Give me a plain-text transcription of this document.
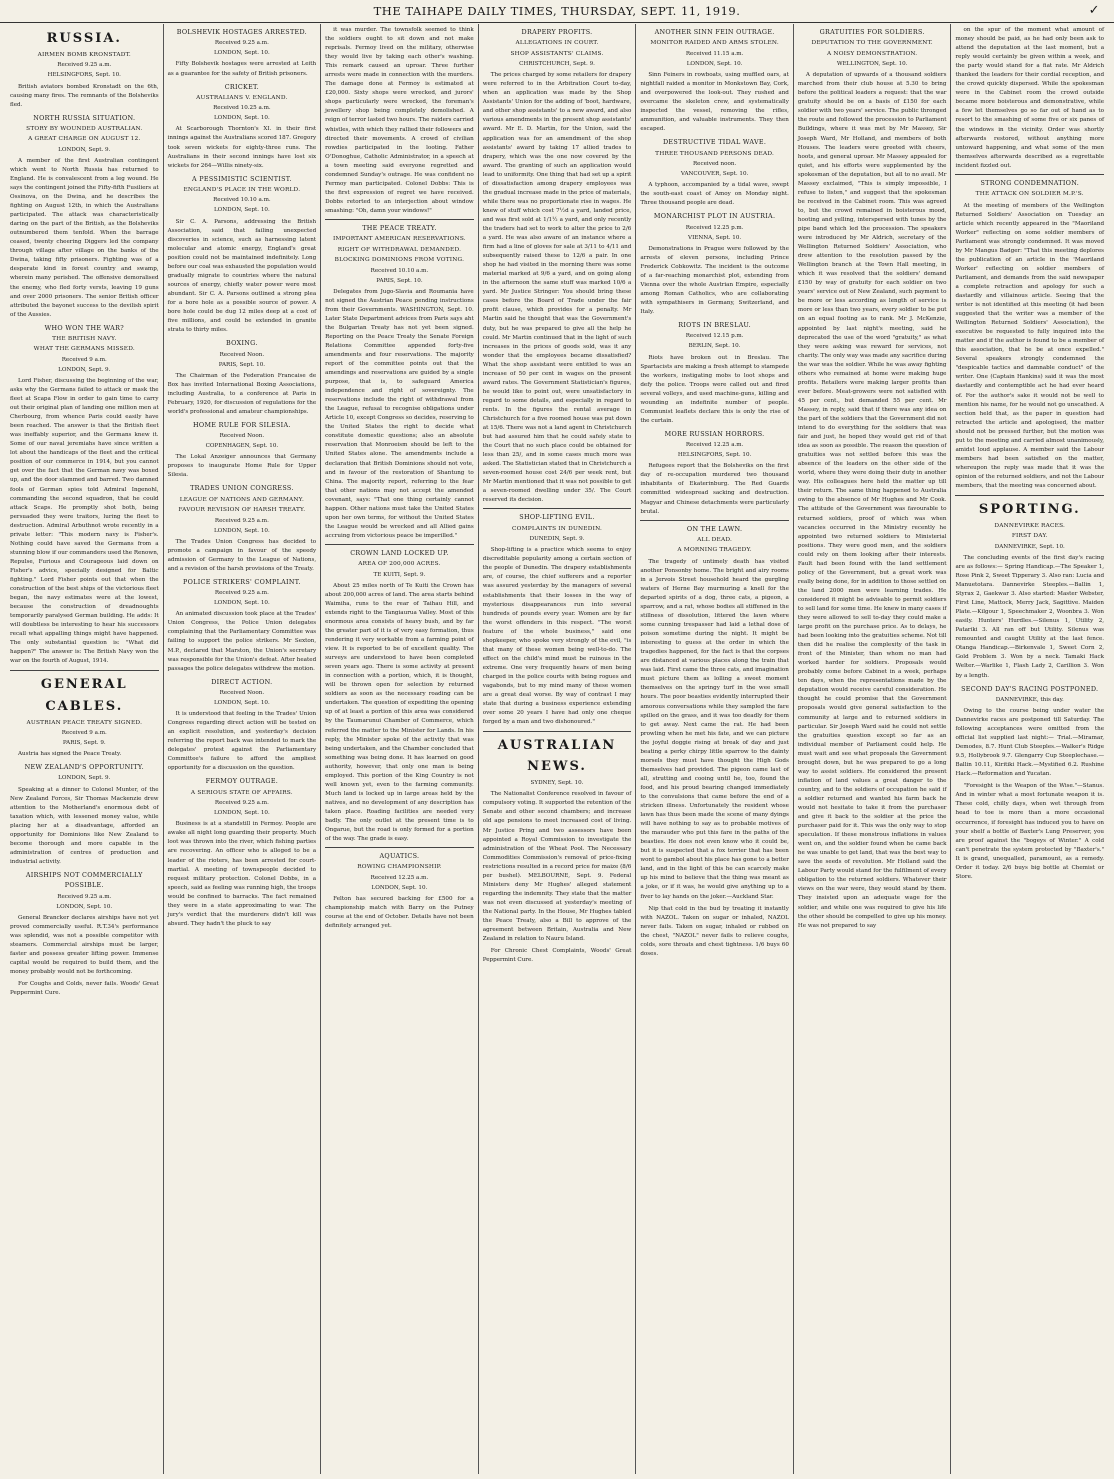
THE TAIHAPE DAILY TIMES, THURSDAY, SEPT. 11, 1919.	✓
RUSSIA.
AIRMEN BOMB KRONSTADT.
Received 9.25 a.m.
HELSINGFORS, Sept. 10.

British aviators bombed Kronstadt on the 6th, causing many fires. The remnants of the Bolsheviks fled.

NORTH RUSSIA SITUATION.
STORY BY WOUNDED AUSTRALIAN.
A GREAT CHARGE ON AUGUST 12.
LONDON, Sept. 9.

A member of the first Australian contingent which went to North Russia has returned to England. He is convalescent from a leg wound. He says the contingent joined the Fifty-fifth Fusiliers at Ossinova, on the Dwina, and he describes the fighting on August 12th, in which the Australians participated. The attack was characteristically daring on the part of the British, as the Bolsheviks outnumbered them tenfold. When the barrage ceased, twenty cheering Diggers led the company through village after village on the banks of the Dwina, taking fifty prisoners. Fighting was of a desperate kind in forest country and swamp, wherein many perished. The offensive demoralised the enemy, who fled forty versts, leaving 19 guns and over 2000 prisoners. The senior British officer attributed the bayonet success to the devilish spirit of the Aussies.

WHO WON THE WAR?
THE BRITISH NAVY.
WHAT THE GERMANS MISSED.
Received 9 a.m.
LONDON, Sept. 9.

Lord Fisher, discussing the beginning of the war, asks why the Germans failed to attack or mask the fleet at Scapa Flow in order to gain time to carry out their original plan of landing one million men at Cherbourg, from whence Paris could easily have been reached. The answer is that the British fleet was ineffably superior, and the Germans knew it. Some of our naval jeremiahs have since written a lot about the handicaps of the fleet and the critical position of our commerce in 1914, but you cannot get over the fact that the German navy was boxed up, and the door slammed and barred. Two damned fools of German spies told Admiral Ingenohl, commanding the second squadron, that he could attack Scaps. He promptly shot both, being persuaded they were traitors, luring the fleet to destruction. Admiral Arbuthnot wrote recently in a private letter: "This modern navy is Fisher's. Nothing could have saved the Germans from a stunning blow if our commanders used the Renown, Repulse, Furious and Courageous laid down on Fisher's advice, specially designed for Baltic fighting." Lord Fisher points out that when the construction of the best ships of the victorious fleet began, the navy estimates were at the lowest, because the construction of dreadnoughts temporarily paralysed German building. He adds: It will doubtless be interesting to hear his successors recall what appalling things might have happened. The only substantial question is: "What did happen?" The answer is: The British Navy won the war on the fourth of August, 1914.

GENERAL CABLES.
AUSTRIAN PEACE TREATY SIGNED.
Received 9 a.m.
PARIS, Sept. 9.

Austria has signed the Peace Treaty.

NEW ZEALAND'S OPPORTUNITY.
LONDON, Sept. 9.

Speaking at a dinner to Colonel Munter, of the New Zealand Forces, Sir Thomas Mackenzie drew attention to the Motherland's enormous debt of taxation which, with lessened money value, while placing her at a disadvantage, afforded an opportunity for Dominions like New Zealand to become thorough and more capable in the administration of centres of production and industrial activity.

AIRSHIPS NOT COMMERCIALLY POSSIBLE.
Received 9.25 a.m.
LONDON, Sept. 10.

General Brancker declares airships have not yet proved commercially useful. R.T.34's performance was splendid, was not a possible competitor with steamers. Commercial airships must be larger, faster and possess greater lifting power. Immense capital would be required to build them, and the money probably would not be forthcoming.

For Coughs and Colds, never fails. Woods' Great Peppermint Cure.

BOLSHEVIK HOSTAGES ARRESTED.
Received 9.25 a.m.
LONDON, Sept. 10.

Fifty Bolshevik hostages were arrested at Leith as a guarantee for the safety of British prisoners.

CRICKET.
AUSTRALIANS V. ENGLAND.
Received 10.25 a.m.
LONDON, Sept. 10.

At Scarborough Thornton's XI. in their first innings against the Australians scored 187. Gregory took seven wickets for eighty-three runs. The Australians in their second innings have lost six wickets for 264—Willis ninety-six.

A PESSIMISTIC SCIENTIST.
ENGLAND'S PLACE IN THE WORLD.
Received 10.10 a.m.
LONDON, Sept. 10.

Sir C. A. Parsons, addressing the British Association, said that failing unexpected discoveries in science, such as harnessing latent molecular and atomic energy, England's great position could not be maintained indefinitely. Long before our coal was exhausted the population would gradually migrate to countries where the natural sources of energy, chiefly water power were most abundant. Sir C. A. Parsons outlined a strong plea for a bore hole as a possible source of power. A bore hole could be dug 12 miles deep at a cost of five millions, and could be extended in granite strata to thirty miles.

BOXING.
Received Noon.
PARIS, Sept. 10.

The Chairman of the Federation Francaise de Box has invited International Boxing Associations, including Australia, to a conference at Paris in February, 1920, for discussion of regulations for the world's professional and amateur championships.

HOME RULE FOR SILESIA.
Received Noon.
COPENHAGEN, Sept. 10.

The Lokal Anzeiger announces that Germany proposes to inaugurate Home Rule for Upper Silesia.

TRADES UNION CONGRESS.
LEAGUE OF NATIONS AND GERMANY.
FAVOUR REVISION OF HARSH TREATY.
Received 9.25 a.m.
LONDON, Sept. 10.

The Trades Union Congress has decided to promote a campaign in favour of the speedy admission of Germany to the League of Nations, and a revision of the harsh provisions of the Treaty.

POLICE STRIKERS' COMPLAINT.
Received 9.25 a.m.
LONDON, Sept. 10.

An animated discussion took place at the Trades' Union Congress, the Police Union delegates complaining that the Parliamentary Committee was failing to support the police strikers. Mr Sexton, M.P., declared that Marston, the Union's secretary was responsible for the Union's defeat. After heated passages the police delegates withdrew the motion.

DIRECT ACTION.
Received Noon.
LONDON, Sept. 10.

It is understood that feeling in the Trades' Union Congress regarding direct action will be tested on an explicit resolution, and yesterday's decision referring the report back was intended to mark the delegates' protest against the Parliamentary Committee's failure to afford the ampliest opportunity for a discussion on the question.

FERMOY OUTRAGE.
A SERIOUS STATE OF AFFAIRS.
Received 9.25 a.m.
LONDON, Sept. 10.

Business is at a standstill in Fermoy. People are awake all night long guarding their property. Much loot was thrown into the river, which fishing parties are recovering. An officer who is alleged to be a leader of the rioters, has been arrested for court-martial. A meeting of townspeople decided to request military protection. Colonel Dobbs, in a speech, said as feeling was running high, the troops would be confined to barracks. The fact remained they were in a state approximating to war. The jury's verdict that the murderers didn't kill was absurd. They hadn't the pluck to say

it was murder. The townsfolk seemed to think the soldiers ought to sit down and not make reprisals. Fermoy lived on the military, otherwise they would live by taking each other's washing. This remark caused an uproar. Three further arrests were made in connection with the murders. The damage done at Fermoy is estimated at £20,000. Sixty shops were wrecked, and jurors' shops particularly were wrecked, the foreman's jewellery shop being completely demolished. A reign of terror lasted two hours. The raiders carried whistles, with which they rallied their followers and directed their movements. A crowd of civilian rowdies participated in the looting. Father O'Donoghue, Catholic Administrator, in a speech at a town meeting said everyone regretted and condemned Sunday's outrage. He was confident no Fermoy man participated. Colonel Dobbs: This is the first expression of regret we have received. Dobbs retorted to an interjection about window smashing: "Oh, damn your windows!"

THE PEACE TREATY.
IMPORTANT AMERICAN RESERVATIONS.
RIGHT OF WITHDRAWAL DEMANDED.
BLOCKING DOMINIONS FROM VOTING.
Received 10.10 a.m.
PARIS, Sept. 10.

Delegates from Jugo-Slavia and Roumania have not signed the Austrian Peace pending instructions from their Governments. WASHINGTON, Sept. 10. Later State Department advices from Paris says aht the Bulgarian Treaty has not yet been signed. Reporting on the Peace Treaty the Senate Foreign Relations Committee appended forty-five amendments and four reservations. The majority report of the committee points out that the amendings and reservations are guided by a single purpose, that is, to safeguard America independence and right of sovereignty. The reservations include the right of withdrawal from the League, refusal to recognise obligations under Article 10, except Congress so decides, reserving to the United States the right to decide what constitute domestic questions; also an absolute reservation that Monroeism should be left to the United States alone. The amendments include a declaration that British Dominions should not vote, and in favour of the restoration of Shantung to China. The majority report, referring to the fear that other nations may not accept the amended covenant, says: "That one thing certainly cannot happen. Other nations must take the United States upon her own terms, for without the United States the League would be wrecked and all Allied gains accruing from victorious peace be imperilled."

CROWN LAND LOCKED UP.
AREA OF 200,000 ACRES.
TE KUITI, Sept. 9.

About 25 miles north of Te Kuiti the Crown has about 200,000 acres of land. The area starts behind Waimiha, runs to the rear of Taihau Hill, and extends right to the Tangiaurua Valley. Most of this enormous area consists of heavy bush, and by far the greater part of it is of very easy formation, thus rendering it very workable from a farming point of view. It is reported to be of excellent quality. The surveys are understood to have been completed seven years ago. There is some activity at present in connection with a portion, which, it is thought, will be thrown open for selection by returned soldiers as soon as the necessary roading can be undertaken. The question of expediting the opening up of at least a portion of this area was considered by the Taumarunui Chamber of Commerce, which referred the matter to the Minister for Lands. In his reply, the Minister spoke of the activity that was being undertaken, and the Chamber concluded that something was being done. It has learned on good authority, however, that only one man is being employed. This portion of the King Country is not well known yet, even to the farming community. Much land is locked up in large areas held by the natives, and no development of any description has taken place. Roading facilities are needed very badly. The only outlet at the present time is to Ongarue, but the road is only formed for a portion of the way. The grade is easy.

AQUATICS.
ROWING CHAMPIONSHIP.
Received 12.25 a.m.
LONDON, Sept. 10.

Felton has secured backing for £500 for a championship match with Barry on the Putney course at the end of October. Details have not been definitely arranged yet.

DRAPERY PROFITS.
ALLEGATIONS IN COURT.
SHOP ASSISTANTS' CLAIMS.
CHRISTCHURCH, Sept. 9.

The prices charged by some retailers for drapery were referred to in the Arbitration Court to-day, when an application was made by the Shop Assistants' Union for the adding of 'boot, hardware, and other shop assistants' to a new award, and also various amendments in the present shop assistants' award. Mr E. D. Martin, for the Union, said the application was for an amendment of the shop assistants' award by taking 17 allied trades to drapery, which was the one now covered by the award. The granting of such an application would lead to uniformity. One thing that had set up a spirit of dissatisfaction among drapery employees was the gradual increase made in the price of materials, while there was no proportionate rise in wages. He knew of stuff which cost 7½d a yard, landed price, and was first sold at 1/1½ a yard, and only recently the traders had set to work to alter the price to 2/6 a yard. He was also aware of an instance where a firm had a line of gloves for sale at 3/11 to 4/11 and subsequently raised these to 12/6 a pair. In one shop he had visited in the morning there was some material marked at 9/6 a yard, and on going along in the afternoon the same stuff was marked 10/6 a yard. Mr Justice Stringer: You should bring these cases before the Board of Trade under the fair profit clause, which provides for a penalty. Mr Martin said he thought that was the Government's duty, but he was prepared to give all the help he could. Mr Martin continued that in the light of such increases in the prices of goods sold, was it any wonder that the employees became dissatisfied? What the shop assistant were entitled to was an increase of 50 per cent in wages on the present award rates. The Government Statistician's figures, he would like to point out, were unsatisfactory in regard to some details, and especially in regard to rents. In the figures the rental average in Christchurch for a five roomed house was put down at 15/6. There was not a land agent in Christchurch but had assured him that he could safely state to the Court that no such place could be obtained for less than 25/, and in some cases much more was asked. The Statistician stated that in Christchurch a seven-roomed house cost 24/6 per week rent, but Mr Martin mentioned that it was not possible to get a seven-roomed dwelling under 35/. The Court reserved its decision.

SHOP-LIFTING EVIL.
COMPLAINTS IN DUNEDIN.
DUNEDIN, Sept. 9.

Shop-lifting is a practice which seems to enjoy discreditable popularity among a certain section of the people of Dunedin. The drapery establishments are, of course, the chief sufferers and a reporter was assured yesterday by the managers of several establishments that their losses in the way of mysterious disappearances run into several hundreds of pounds every year. Women are by far the worst offenders in this respect. "The worst feature of the whole business," said one shopkeeper, who spoke very strongly of the evil, "is that many of these women being well-to-do. The effect on the child's mind must be ruinous in the extreme. One very frequently hears of men being charged in the police courts with being rogues and vagabonds, but to my mind many of these women are a great deal worse. By way of contrast I may state that during a business experience extending over some 20 years I have had only one cheque forged by a man and two dishonoured."

AUSTRALIAN NEWS.
SYDNEY, Sept. 10.

The Nationalist Conference resolved in favour of compulsory voting. It supported the retention of the Senate and other second chambers; and increase old age pensions to meet increased cost of living. Mr Justice Pring and two assessors have been appointed a Royal Commission to investigate the administration of the Wheat Pool. The Necessary Commodities Commission's removal of price-fixing restrictions resulted in a record price for maize (8/6 per bushel). MELBOURNE, Sept. 9. Federal Ministers deny Mr Hughes' alleged statement regarding the indemnity. They state that the matter was not even discussed at yesterday's meeting of the National party. In the House, Mr Hughes tabled the Peace Treaty, also a Bill to approve of the agreement between Britain, Australia and New Zealand in relation to Nauru Island.

For Chronic Chest Complaints, Woods' Great Peppermint Cure.

ANOTHER SINN FEIN OUTRAGE.
MONITOR RAIDED AND ARMS STOLEN.
Received 11.15 a.m.
LONDON, Sept. 10.

Sinn Feiners in rowboats, using muffled oars, at nightfall raided a monitor in Monkstown Bay, Cork, and overpowered the look-out. They rushed and overcame the skeleton crew, and systematically inspected the vessel, removing the rifles, ammunition, and valuable instruments. They then escaped.

DESTRUCTIVE TIDAL WAVE.
THREE THOUSAND PERSONS DEAD.
Received noon.
VANCOUVER, Sept. 10.

A typhoon, accompanied by a tidal wave, swept the south-east coast of Amoy on Monday night. Three thousand people are dead.

MONARCHIST PLOT IN AUSTRIA.
Received 12.25 p.m.
VIENNA, Sept. 10.

Demonstrations in Prague were followed by the arrests of eleven persons, including Prince Frederick Cobkowitz. The incident is the outcome of a far-reaching monarchist plot, extending from Vienna over the whole Austrian Empire, especially among Roman Catholics, who are collaborating with sympathisers in Germany, Switzerland, and Italy.

RIOTS IN BRESLAU.
Received 12.15 p.m.
BERLIN, Sept. 10.

Riots have broken out in Breslau. The Spartacists are making a fresh attempt to stampede the workers, instigating mobs to loot shops and defy the police. Troops were called out and fired several volleys, and used machine-guns, killing and wounding an indefinite number of people. Communist leaflets declare this is only the rise of the curtain.

MORE RUSSIAN HORRORS.
Received 12.25 a.m.
HELSINGFORS, Sept. 10.

Refugees report that the Bolsheviks on the first day of re-occupation murdered two thousand inhabitants of Ekaterinburg. The Red Guards committed widespread sacking and destruction. Magyar and Chinese detachments were particularly brutal.

ON THE LAWN.
ALL DEAD.
A MORNING TRAGEDY.

The tragedy of untimely death has visited another Ponsonby home. The bright and airy rooms in a Jervois Street household heard the gurgling waters of Herne Bay murmuring a knell for the departed spirits of a dog, three cats, a pigeon, a sparrow, and a rat, whose bodies all stiffened in the stillness of dissolution, littered the lawn where some cunning trespasser had laid a lethal dose of poison sometime during the night. It might be interesting to guess at the order in which the tragedies happened, for the fact is that the corpses are distanced at various places along the train that was laid. First came the three cats, and imagination must picture them as lolling a sweet moment themselves on the springy turf in the wee small hours. The poor beasties evidently interrupted their amorous conversations while they sampled the fare spilled on the grass, and it was too deadly for them to get away. Next came the rat. He had been prowling when he met his fate, and we can picture the joyful doggie rising at break of day and just beating a perky chirpy little sparrow to the dainty morsels they must have thought the High Gods themselves had provided. The pigeon came last of all, strutting and cooing until he, too, found the food, and his proud bearing changed immediately to the convulsions that came before the end of a stricken illness. Unfortunately the resident whose lawn has thus been made the scene of many dyings will have nothing to say as to probable motives of the marauder who put this fare in the paths of the beasties. He does not even know who it could be, but it is suspected that a fox terrier that has been wont to gambol about his place has gone to a better land, and in the light of this he can scarcely make up his mind to believe that the thing was meant as a joke, or if it was, he would give anything up to a fiver to lay hands on the joker.—Auckland Star.

Nip that cold in the bud by treating it instantly with NAZOL. Taken on sugar or inhaled, NAZOL never fails. Taken on sugar, inhaled or rubbed on the chest, "NAZOL" never fails to relieve coughs, colds, sore throats and chest tightness. 1/6 buys 60 doses.

GRATUITIES FOR SOLDIERS.
DEPUTATION TO THE GOVERNMENT.
A NOISY DEMONSTRATION.
WELLINGTON, Sept. 10.

A deputation of upwards of a thousand soldiers marched from their club house at 5.30 to bring before the political leaders a request: that the war gratuity should be on a basis of £150 for each soldier with two years' service. The public thronged the route and followed the procession to Parliament Buildings, where it was met by Mr Massey, Sir Joseph Ward, Mr Holland, and members of both Houses. The leaders were greeted with cheers, hoots, and general uproar. Mr Massey appealed for quiet, and his efforts were supplemented by the spokesman of the deputation, but all to no avail. Mr Massey exclaimed, "This is simply impossible, I refuse to listen," and suggest that the spokesman be received in the Cabinet room. This was agreed to, but the crowd remained in boisterous mood, hooting and yelling, interspersed with tunes by the pipe band which led the procession. The speakers were introduced by Mr Aldrich, secretary of the Wellington Returned Soldiers' Association, who drew attention to the resolution passed by the Wellington branch at the Town Hall meeting, in which it was resolved that the soldiers' demand £150 by way of gratuity for each soldier on two years' service out of New Zealand, such payment to be more or less according as length of service is more or less than two years, every soldier to be put on an equal footing as to rank. Mr J. McKenzie, appointed by last night's meeting, said he deprecated the use of the word "gratuity," as what they were asking was reward for services, not charity. The only way was made any sacrifice during the war was the soldier. While he was away fighting others who remained at home were making huge profits. Retailers were making larger profits than ever before. Meat-growers were not satisfied with 45 per cent., but demanded 55 per cent. Mr Massey, in reply, said that if there was any idea on the part of the soldiers that the Government did not intend to do everything for the soldiers that was fair and just, he hoped they would get rid of that idea as soon as possible. The reason the question of gratuities was not settled before this was the absence of the leaders on the other side of the world, where they were doing their duty in another way. His colleagues here held the matter up till their return. The same thing happened to Australia owing to the absence of Mr Hughes and Mr Cook. The attitude of the Government was favourable to returned soldiers, proof of which was when vacancies occurred in the Ministry recently he appointed two returned soldiers to Ministerial positions. They were good men, and the soldiers could rely on them looking after their interests. Fault had been found with the land settlement policy of the Government, but a great work was really being done, for in addition to those settled on the land 2000 men were learning trades. He considered it might be advisable to permit soldiers to sell land for some time. He knew in many cases if they were allowed to sell to-day they could make a large profit on the purchase price. As to delays, he had been looking into the gratuities scheme. Not till then did he realise the complexity of the task in front of the Minister, than whom no man had worked harder for soldiers. Proposals would probably come before Cabinet in a week, perhaps ten days, when the representations made by the deputation would receive careful consideration. He thought he could promise that the Government proposals would give general satisfaction to the community at large and to returned soldiers in particular. Sir Joseph Ward said he could not settle the gratuities question except so far as an individual member of Parliament could help. He must wait and see what proposals the Government brought down, but he was prepared to go a long way to assist soldiers. He considered the present inflation of land values a great danger to the country, and to the soldiers of occupation he said if a soldier returned and wanted his farm back he would not hesitate to take it from the purchaser and give it back to the soldier at the price the purchaser paid for it. This was the only way to stop speculation. If these monstrous inflations in values went on, and the soldier found when he came back he was unable to get land, that was the best way to save the seeds of revolution. Mr Holland said the Labour Party would stand for the fulfilment of every obligation to the returned soldiers. Whatever their views on the war were, they would stand by them. They insisted upon an adequate wage for the soldier, and while one was required to give his life the other should be compelled to give up his money. He was not prepared to say

on the spur of the moment what amount of money should be paid, as he had only been ask to attend the deputation at the last moment, but a reply would certainly be given within a week, and the party would stand for a fiat rate. Mr Aldrich thanked the leaders for their cordial reception, and the crowd quickly dispersed. While the spokesman were in the Cabinet room the crowd outside became more boisterous and demonstrative, while a few let themselves go so far out of hand as to resort to the smashing of some five or six panes of the windows in the vicinity. Order was shortly afterwards restored, without anything more untoward happening, and what some of the men themselves afterwards described as a regrettable incident fizzled out.

STRONG CONDEMNATION.
THE ATTACK ON SOLDIER M.P.'S.

At the meeting of members of the Wellington Returned Soldiers' Association on Tuesday an article which recently appeared in the "Maoriland Worker" reflecting on some soldier members of Parliament was strongly condemned. It was moved by Mr Mangus Badger: "That this meeting deplores the publication of an article in the 'Maoriland Worker' reflecting on soldier members of Parliament, and demands from the said newspaper a complete retraction and apology for such a dastardly and villainous article. Seeing that the writer is not identified at this meeting (it had been suggested that the writer was a member of the Wellington Returned Soldiers' Association), the executive be requested to fully inquired into the matter and if the author is found to be a member of this association, that he be at once expelled." Several speakers strongly condemned the "despicable tactics and damnable conduct" of the writer. One (Captain Hankins) said it was the most dastardly and contemptible act he had ever heard of. For the author's sake it would not be well to mention his name, for he would not go unscathed. A section held that, as the paper in question had retracted the article and apologised, the matter should not be pressed further, but the motion was put to the meeting and carried almost unanimously, amidst loud applause. A member said the Labour members had been satisfied on the matter, whereupon the reply was made that it was the opinion of the returned soldiers, and not the Labour members, that the meeting was concerned about.

SPORTING.
DANNEVIRKE RACES.
FIRST DAY.
DANNEVIRKE, Sept. 10.

The concluding events of the first day's racing are as follows:— Spring Handicap.—The Speaker 1, Rose Pink 2, Sweet Tipperary 3. Also ran: Lucia and Manuetotara. Dannevirke Steeples.—Ballin 1, Styrax 2, Gaekwar 3. Also started: Master Webster, First Line, Mattock, Merry Jack, Sagittive. Maiden Plate.—Kilgour 1, Speechmaker 2, Woonbra 3. Won easily. Hunters' Hurdles.—Silenus 1, Utility 2, Patariki 3. All ran off but Utility. Silenus was remounted and caught Utility at the last fence. Otanga Handicap.—Birkenvale 1, Sweet Corn 2, Gold Problem 3. Won by a neck. Tamaki Hack Welter.—Warlike 1, Flash Lady 2, Carillion 3. Won by a length.

SECOND DAY'S RACING POSTPONED.
DANNEVIRKE, this day.

Owing to the course being under water the Dannevirke races are postponed till Saturday. The following acceptances were omitted from the official list supplied last night:— Trial.—Miramar, Demodes, 8.7. Hunt Club Steeples.—Walker's Ridge 9.5, Hollybrook 9.7. Glengarry Cup Steeplechase.—Ballin 10.11, Kiritiki Hack.—Mystified 6.2. Rushine Hack.—Reformation and Yucatan.

"Foresight is the Weapon of the Wise."—Stanus. And in winter what a most fortunate weapon it is. These cold, chilly days, when wet through from head to toe is more than a more occasional occurrence, if foresight has induced you to have on your shelf a bottle of Baxter's Lung Preserver, you are proof against the "bogeys of Winter." A cold can't penetrate the system protected by "Baxter's." It is grand, unequalled, paramount, as a remedy. Order it today. 2/6 buys big bottle at Chemist or Store.
